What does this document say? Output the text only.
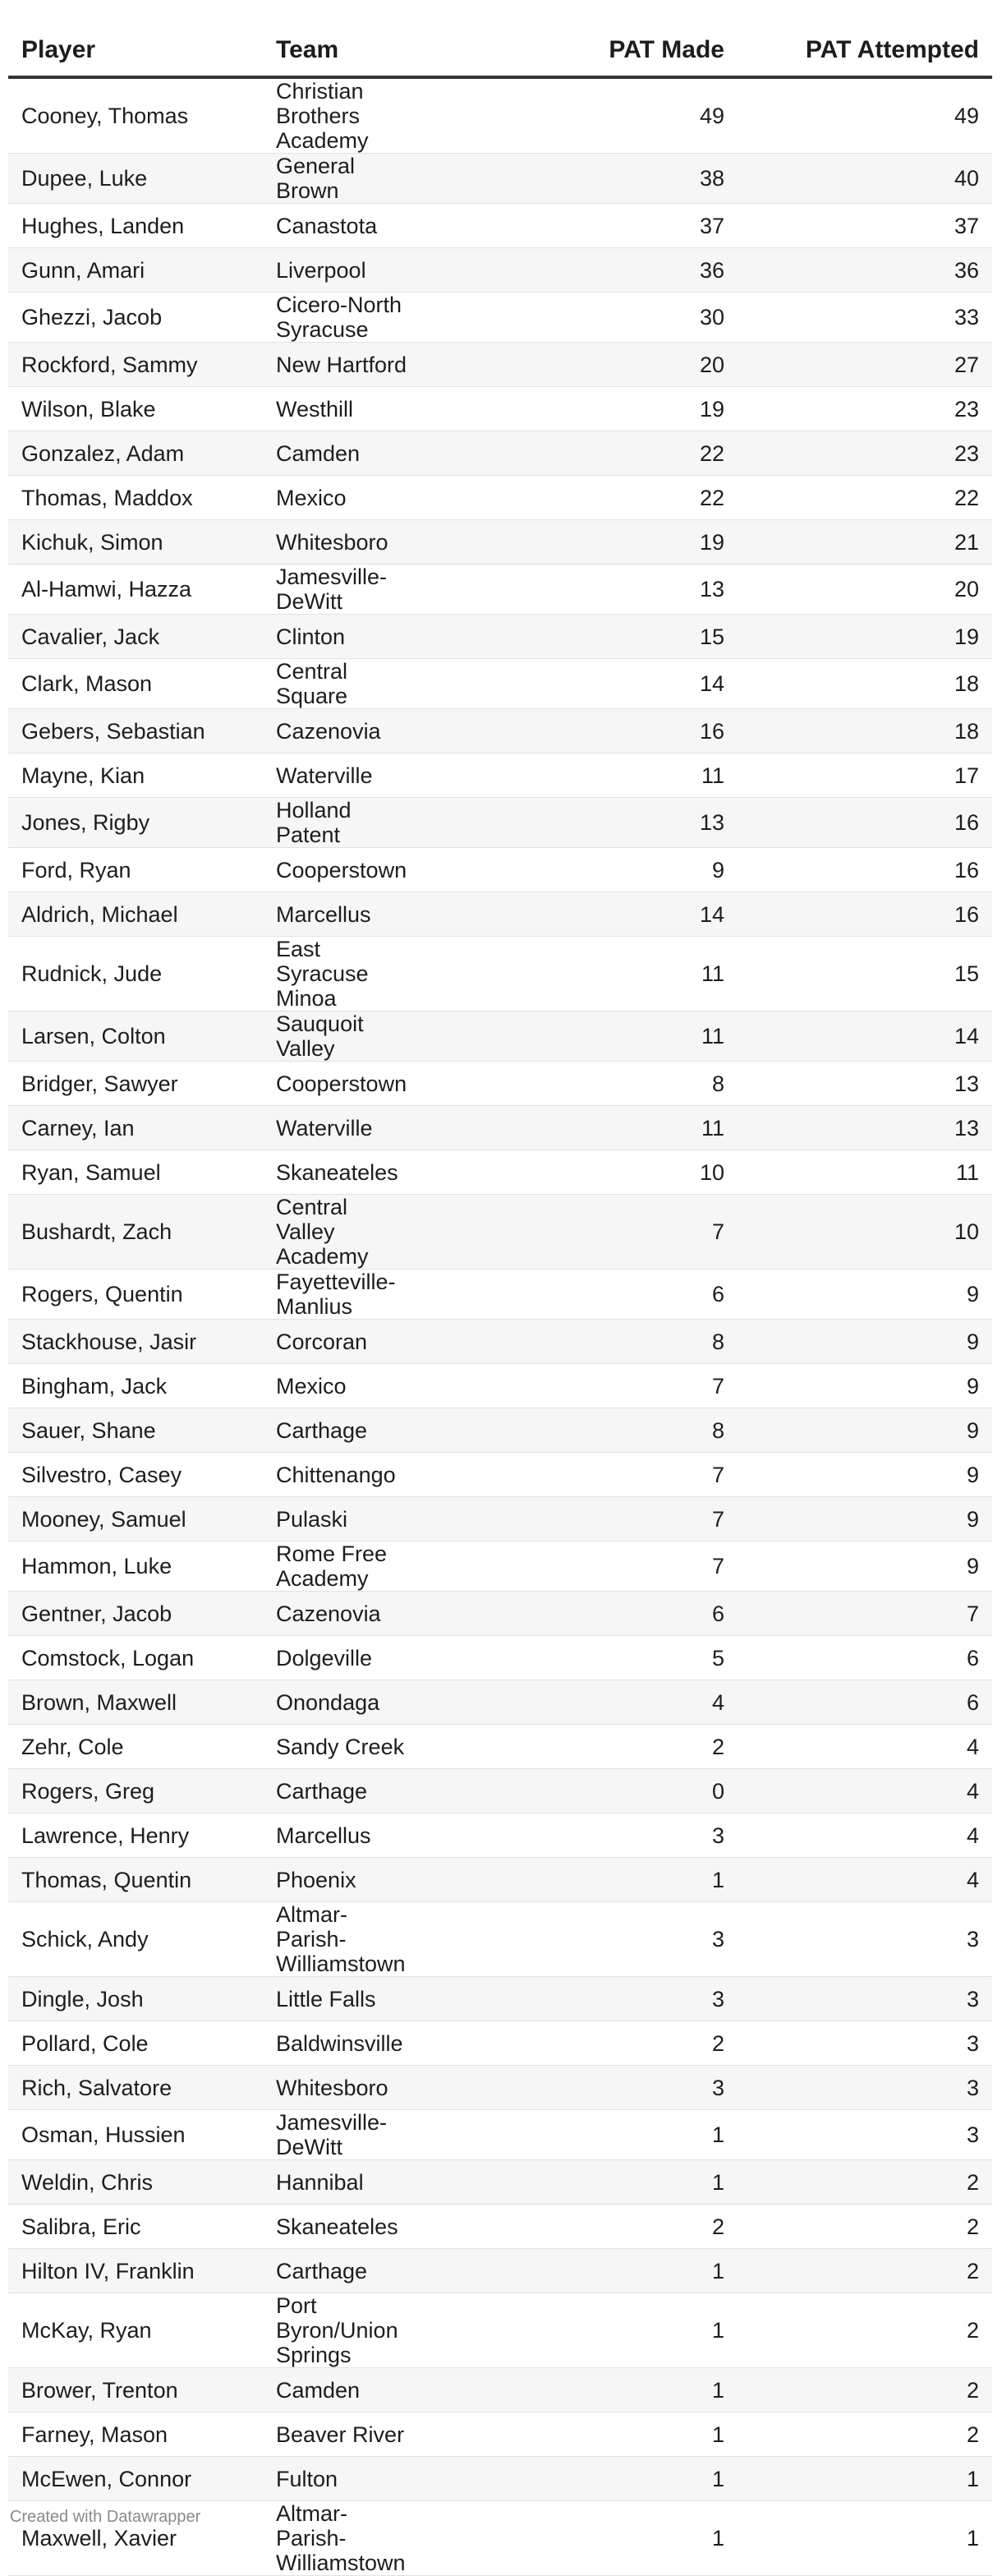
Player	Team	PAT Made	PAT Attempted
Cooney, Thomas	Christian Brothers Academy	49	49
Dupee, Luke	General Brown	38	40
Hughes, Landen	Canastota	37	37
Gunn, Amari	Liverpool	36	36
Ghezzi, Jacob	Cicero-North Syracuse	30	33
Rockford, Sammy	New Hartford	20	27
Wilson, Blake	Westhill	19	23
Gonzalez, Adam	Camden	22	23
Thomas, Maddox	Mexico	22	22
Kichuk, Simon	Whitesboro	19	21
Al-Hamwi, Hazza	Jamesville-DeWitt	13	20
Cavalier, Jack	Clinton	15	19
Clark, Mason	Central Square	14	18
Gebers, Sebastian	Cazenovia	16	18
Mayne, Kian	Waterville	11	17
Jones, Rigby	Holland Patent	13	16
Ford, Ryan	Cooperstown	9	16
Aldrich, Michael	Marcellus	14	16
Rudnick, Jude	East Syracuse Minoa	11	15
Larsen, Colton	Sauquoit Valley	11	14
Bridger, Sawyer	Cooperstown	8	13
Carney, Ian	Waterville	11	13
Ryan, Samuel	Skaneateles	10	11
Bushardt, Zach	Central Valley Academy	7	10
Rogers, Quentin	Fayetteville-Manlius	6	9
Stackhouse, Jasir	Corcoran	8	9
Bingham, Jack	Mexico	7	9
Sauer, Shane	Carthage	8	9
Silvestro, Casey	Chittenango	7	9
Mooney, Samuel	Pulaski	7	9
Hammon, Luke	Rome Free Academy	7	9
Gentner, Jacob	Cazenovia	6	7
Comstock, Logan	Dolgeville	5	6
Brown, Maxwell	Onondaga	4	6
Zehr, Cole	Sandy Creek	2	4
Rogers, Greg	Carthage	0	4
Lawrence, Henry	Marcellus	3	4
Thomas, Quentin	Phoenix	1	4
Schick, Andy	Altmar-Parish-Williamstown	3	3
Dingle, Josh	Little Falls	3	3
Pollard, Cole	Baldwinsville	2	3
Rich, Salvatore	Whitesboro	3	3
Osman, Hussien	Jamesville-DeWitt	1	3
Weldin, Chris	Hannibal	1	2
Salibra, Eric	Skaneateles	2	2
Hilton IV, Franklin	Carthage	1	2
McKay, Ryan	Port Byron/Union Springs	1	2
Brower, Trenton	Camden	1	2
Farney, Mason	Beaver River	1	2
McEwen, Connor	Fulton	1	1
Maxwell, Xavier	Altmar-Parish-Williamstown	1	1
Created with Datawrapper
